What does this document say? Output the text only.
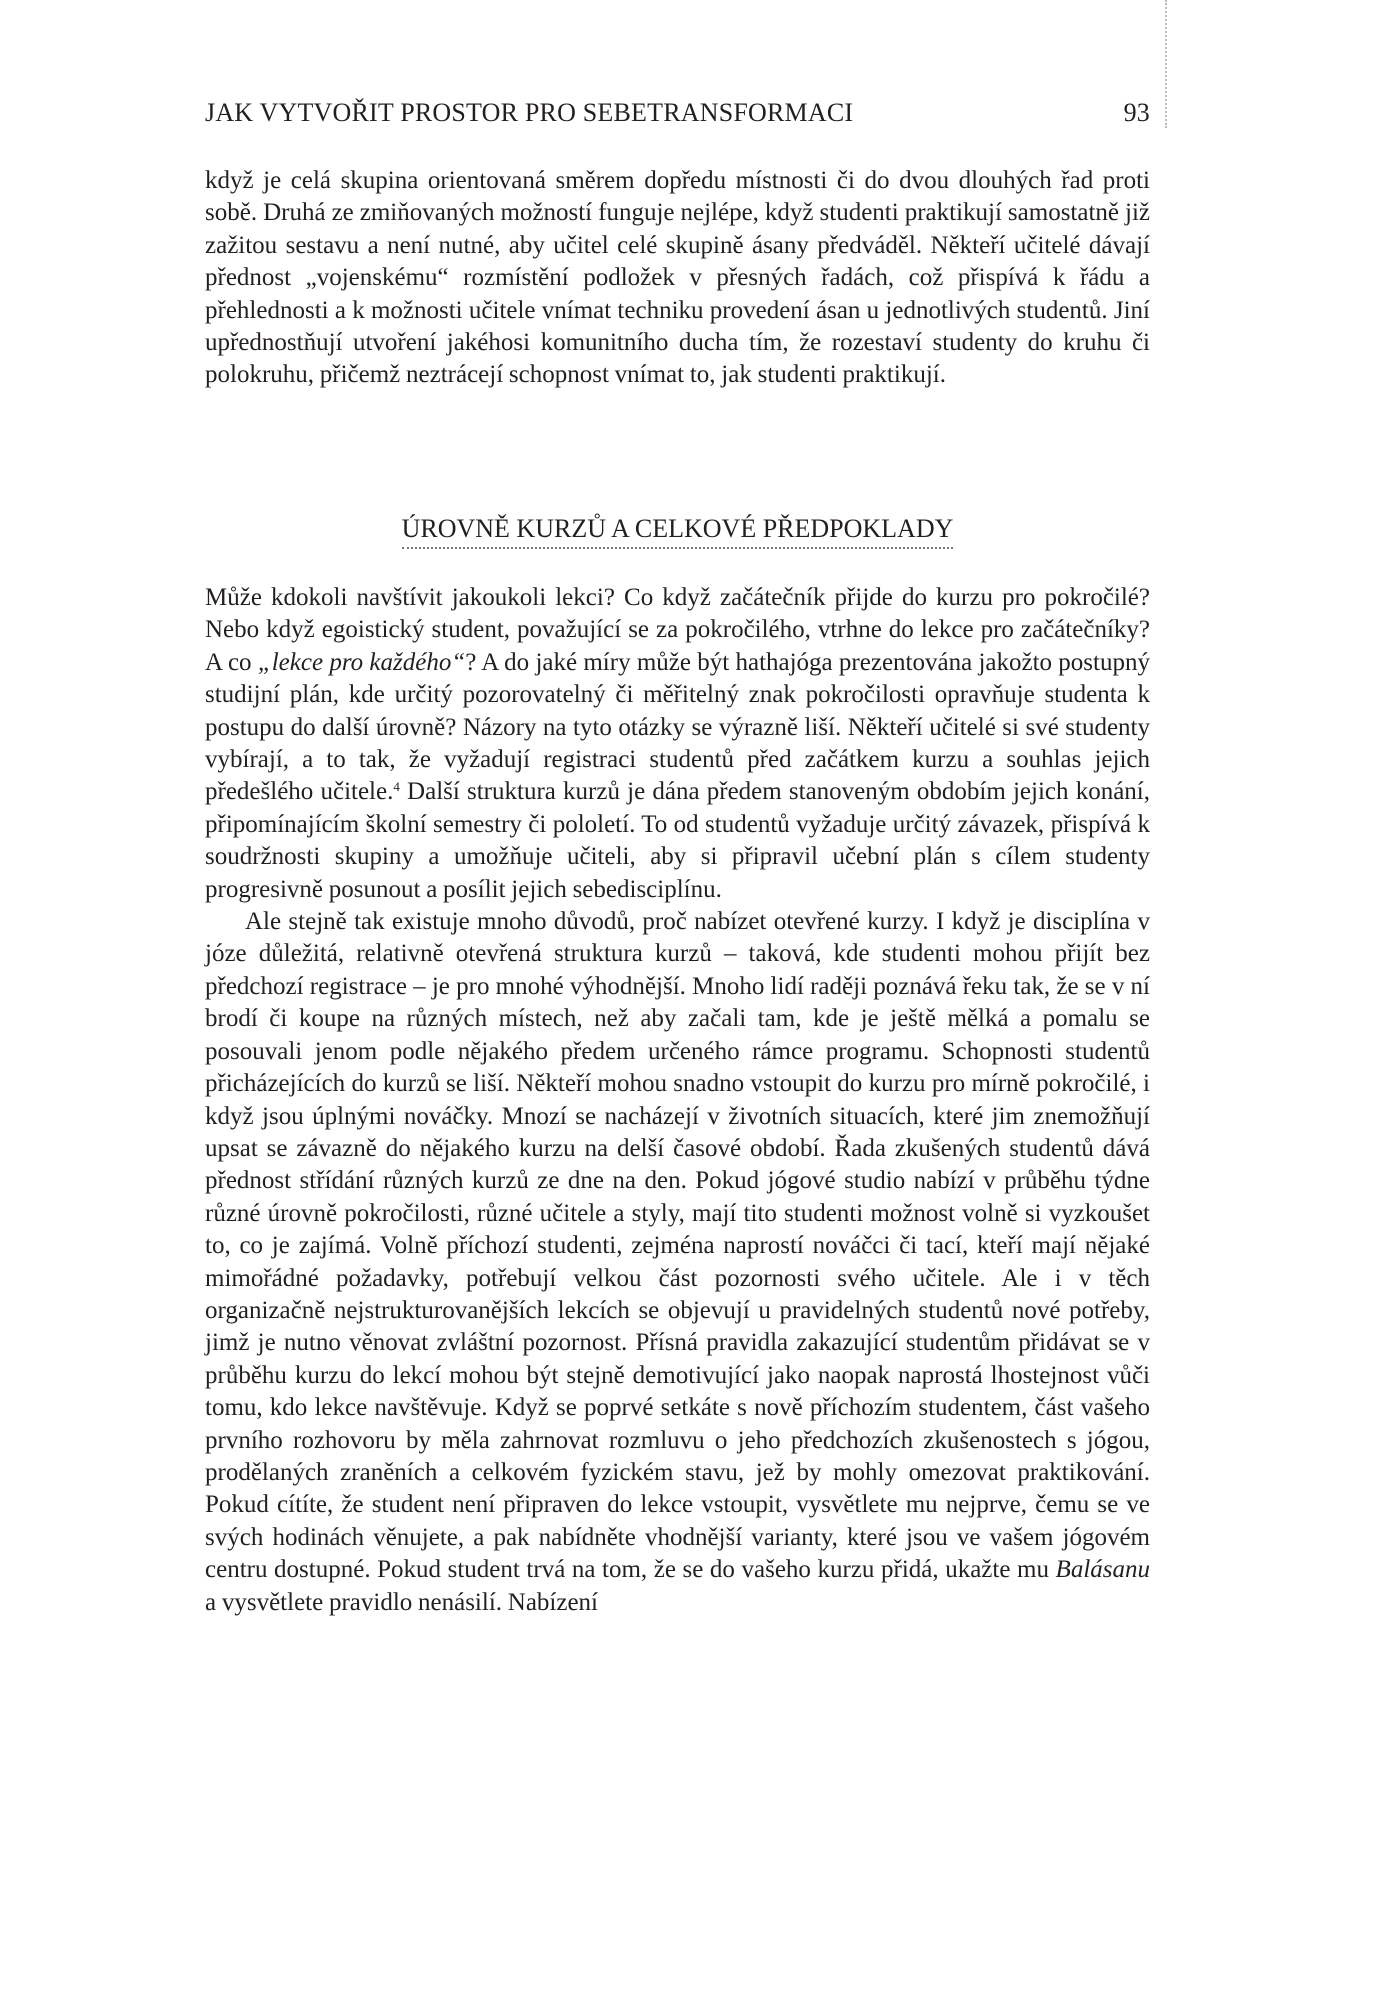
JAK VYTVOŘIT PROSTOR PRO SEBETRANSFORMACI	93

když je celá skupina orientovaná směrem dopředu místnosti či do dvou dlouhých řad proti sobě. Druhá ze zmiňovaných možností funguje nejlépe, když studenti praktikují samostatně již zažitou sestavu a není nutné, aby učitel celé skupině ásany předváděl. Někteří učitelé dávají přednost „vojenskému“ rozmístění podložek v přesných řadách, což přispívá k řádu a přehlednosti a k možnosti učitele vnímat techniku provedení ásan u jednotlivých studentů. Jiní upřednostňují utvoření jakéhosi komunitního ducha tím, že rozestaví studenty do kruhu či polokruhu, přičemž neztrácejí schopnost vnímat to, jak studenti praktikují.

ÚROVNĚ KURZŮ A CELKOVÉ PŘEDPOKLADY

Může kdokoli navštívit jakoukoli lekci? Co když začátečník přijde do kurzu pro pokročilé? Nebo když egoistický student, považující se za pokročilého, vtrhne do lekce pro začátečníky? A co „lekce pro každého“? A do jaké míry může být hathajóga prezentována jakožto postupný studijní plán, kde určitý pozorovatelný či měřitelný znak pokročilosti opravňuje studenta k postupu do další úrovně? Názory na tyto otázky se výrazně liší. Někteří učitelé si své studenty vybírají, a to tak, že vyžadují registraci studentů před začátkem kurzu a souhlas jejich předešlého učitele.$^4$ Další struktura kurzů je dána předem stanoveným obdobím jejich konání, připomínajícím školní semestry či pololetí. To od studentů vyžaduje určitý závazek, přispívá k soudržnosti skupiny a umožňuje učiteli, aby si připravil učební plán s cílem studenty progresivně posunout a posílit jejich sebedisciplínu.

Ale stejně tak existuje mnoho důvodů, proč nabízet otevřené kurzy. I když je disciplína v józe důležitá, relativně otevřená struktura kurzů – taková, kde studenti mohou přijít bez předchozí registrace – je pro mnohé výhodnější. Mnoho lidí raději poznává řeku tak, že se v ní brodí či koupe na různých místech, než aby začali tam, kde je ještě mělká a pomalu se posouvali jenom podle nějakého předem určeného rámce programu. Schopnosti studentů přicházejících do kurzů se liší. Někteří mohou snadno vstoupit do kurzu pro mírně pokročilé, i když jsou úplnými nováčky. Mnozí se nacházejí v životních situacích, které jim znemožňují upsat se závazně do nějakého kurzu na delší časové období. Řada zkušených studentů dává přednost střídání různých kurzů ze dne na den. Pokud jógové studio nabízí v průběhu týdne různé úrovně pokročilosti, různé učitele a styly, mají tito studenti možnost volně si vyzkoušet to, co je zajímá. Volně příchozí studenti, zejména naprostí nováčci či tací, kteří mají nějaké mimořádné požadavky, potřebují velkou část pozornosti svého učitele. Ale i v těch organizačně nejstrukturovanějších lekcích se objevují u pravidelných studentů nové potřeby, jimž je nutno věnovat zvláštní pozornost. Přísná pravidla zakazující studentům přidávat se v průběhu kurzu do lekcí mohou být stejně demotivující jako naopak naprostá lhostejnost vůči tomu, kdo lekce navštěvuje. Když se poprvé setkáte s nově příchozím studentem, část vašeho prvního rozhovoru by měla zahrnovat rozmluvu o jeho předchozích zkušenostech s jógou, prodělaných zraněních a celkovém fyzickém stavu, jež by mohly omezovat praktikování. Pokud cítíte, že student není připraven do lekce vstoupit, vysvětlete mu nejprve, čemu se ve svých hodinách věnujete, a pak nabídněte vhodnější varianty, které jsou ve vašem jógovém centru dostupné. Pokud student trvá na tom, že se do vašeho kurzu přidá, ukažte mu Balásanu a vysvětlete pravidlo nenásilí. Nabízení
